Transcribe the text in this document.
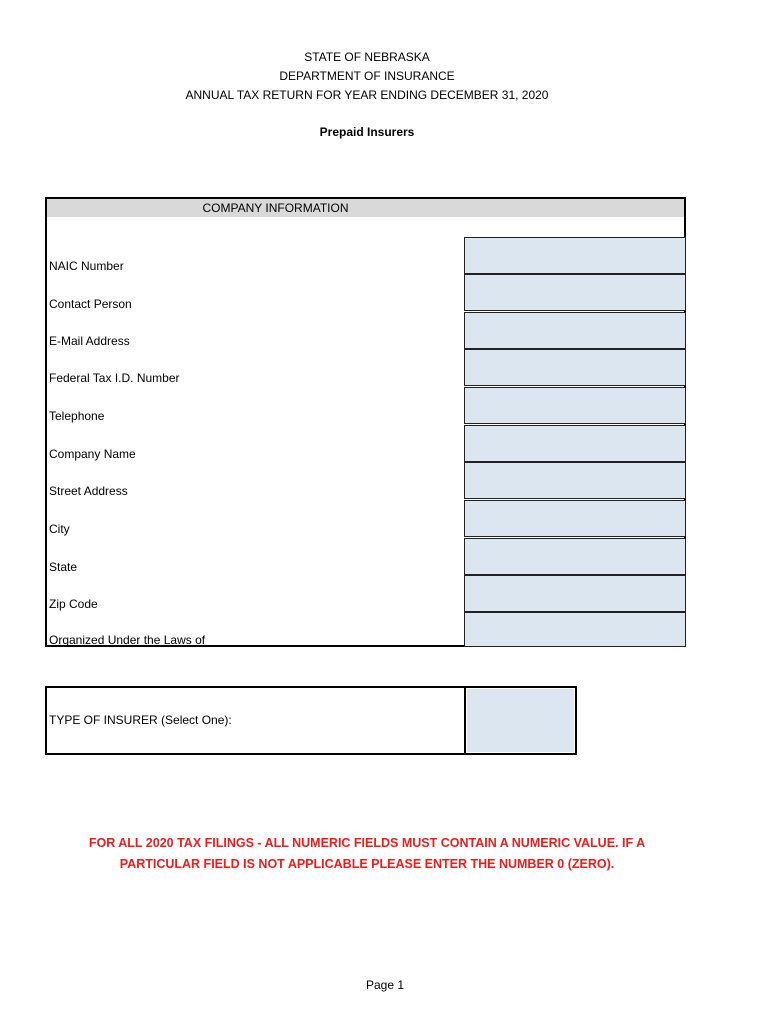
STATE OF NEBRASKA
DEPARTMENT OF INSURANCE
ANNUAL TAX RETURN FOR YEAR ENDING DECEMBER 31, 2020
Prepaid Insurers
COMPANY INFORMATION
NAIC Number
Contact Person
E-Mail Address
Federal Tax I.D. Number
Telephone
Company Name
Street Address
City
State
Zip Code
Organized Under the Laws of
TYPE OF INSURER (Select One):
FOR ALL 2020 TAX FILINGS - ALL NUMERIC FIELDS MUST CONTAIN A NUMERIC VALUE. IF A
PARTICULAR FIELD IS NOT APPLICABLE PLEASE ENTER THE NUMBER 0 (ZERO).
Page 1
